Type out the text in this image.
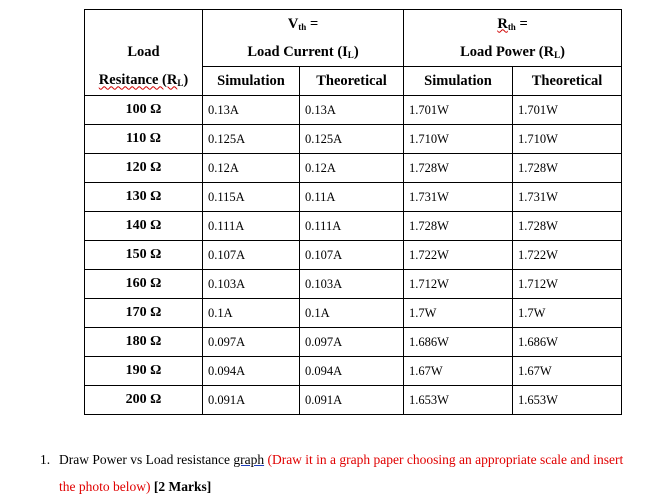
	$V_{th}$ =		$R_{th}$ =	
Load	Load Current $(I_L)$		Load Power $(R_L)$	
Resitance $(R_L)$	Simulation	Theoretical	Simulation	Theoretical
100 Ω	0.13A	0.13A	1.701W	1.701W
110 Ω	0.125A	0.125A	1.710W	1.710W
120 Ω	0.12A	0.12A	1.728W	1.728W
130 Ω	0.115A	0.11A	1.731W	1.731W
140 Ω	0.111A	0.111A	1.728W	1.728W
150 Ω	0.107A	0.107A	1.722W	1.722W
160 Ω	0.103A	0.103A	1.712W	1.712W
170 Ω	0.1A	0.1A	1.7W	1.7W
180 Ω	0.097A	0.097A	1.686W	1.686W
190 Ω	0.094A	0.094A	1.67W	1.67W
200 Ω	0.091A	0.091A	1.653W	1.653W
1. Draw Power vs Load resistance graph (Draw it in a graph paper choosing an appropriate scale and insert the photo below) [2 Marks]
